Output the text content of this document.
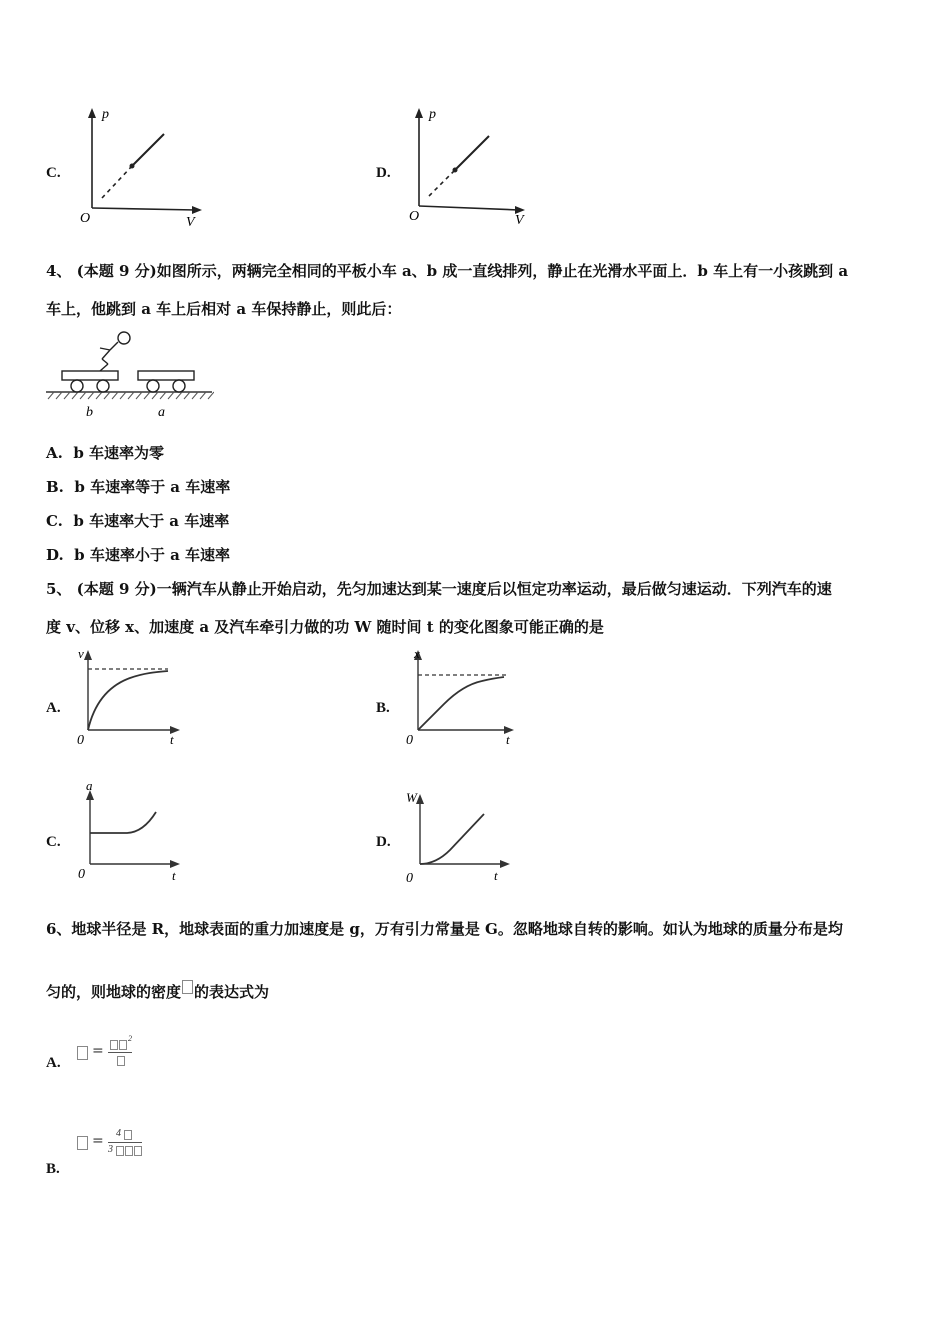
C.
p
V
O
D.
p
V
O
4、 (本题 9 分)如图所示，两辆完全相同的平板小车 a、b 成一直线排列，静止在光滑水平面上．b 车上有一小孩跳到 a
车上，他跳到 a 车上后相对 a 车保持静止，则此后：
b	a
A. b 车速率为零
B. b 车速率等于 a 车速率
C. b 车速率大于 a 车速率
D. b 车速率小于 a 车速率
5、 (本题 9 分)一辆汽车从静止开始启动，先匀加速达到某一速度后以恒定功率运动，最后做匀速运动．下列汽车的速
度 v、位移 x、加速度 a 及汽车牵引力做的功 W 随时间 t 的变化图象可能正确的是
A.
v
t
0
B.
x
t
0
C.
a
t
0
D.
W
t
0
6、地球半径是 R，地球表面的重力加速度是 g，万有引力常量是 G。忽略地球自转的影响。如认为地球的质量分布是均
匀的，则地球的密度 的表达式为
=
2
A.
= 4
3
B.
